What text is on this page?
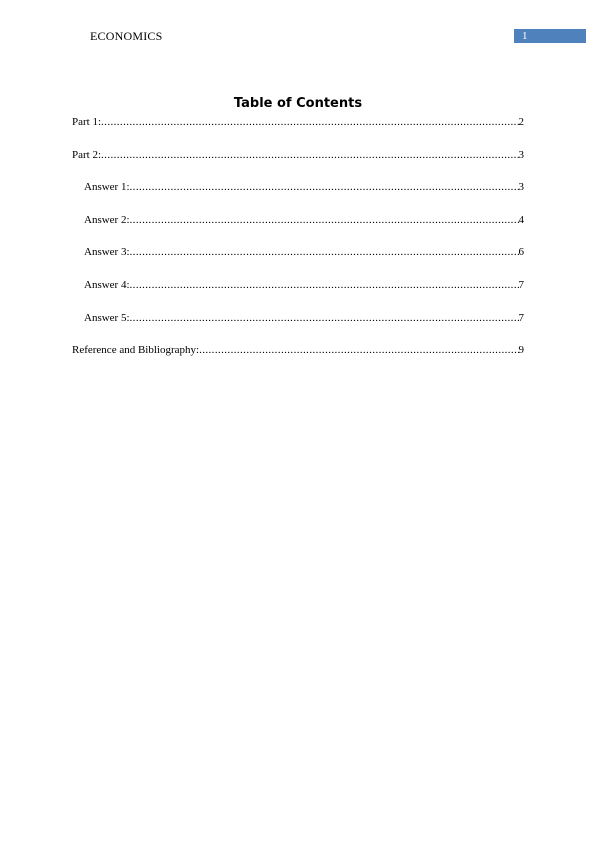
ECONOMICS	1
Table of Contents
Part 1: .....	2
Part 2: .....	3
Answer 1: .....	3
Answer 2: .....	4
Answer 3: .....	6
Answer 4: .....	7
Answer 5: .....	7
Reference and Bibliography: .....	9
